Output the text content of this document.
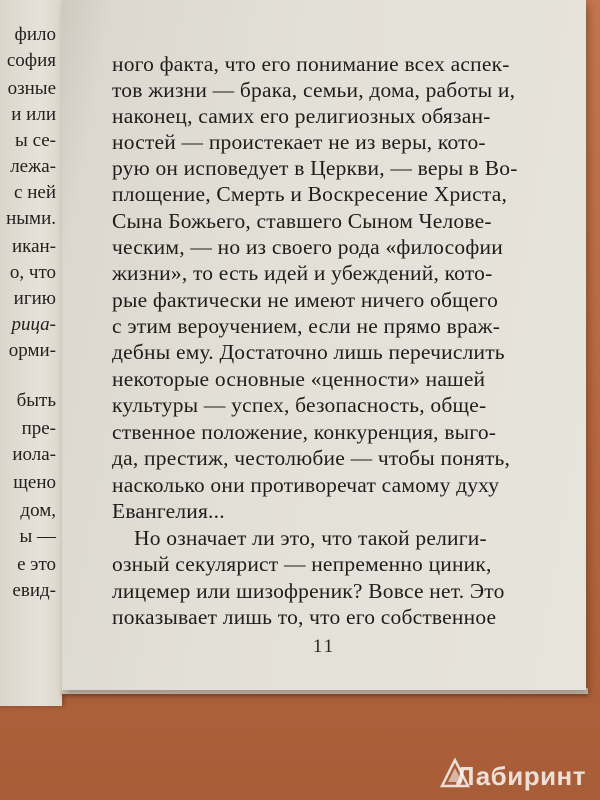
фило
софия
озные
и или
ы се-
лежа-
с ней
ными.
икан-
о, что
игию
рица-
орми-
быть
пре-
иола-
щено
дом,
ы —
е это
евид-
11
ного факта, что его понимание всех аспек-
тов жизни — брака, семьи, дома, работы и,
наконец, самих его религиозных обязан-
ностей — проистекает не из веры, кото-
рую он исповедует в Церкви, — веры в Во-
площение, Смерть и Воскресение Христа,
Сына Божьего, ставшего Сыном Челове-
ческим, — но из своего рода «философии
жизни», то есть идей и убеждений, кото-
рые фактически не имеют ничего общего
с этим вероучением, если не прямо враж-
дебны ему. Достаточно лишь перечислить
некоторые основные «ценности» нашей
культуры — успех, безопасность, обще-
ственное положение, конкуренция, выго-
да, престиж, честолюбие — чтобы понять,
насколько они противоречат самому духу
Евангелия...
Но означает ли это, что такой религи-
озный секулярист — непременно циник,
лицемер или шизофреник? Вовсе нет. Это
показывает лишь то, что его собственное
Лабиринт
